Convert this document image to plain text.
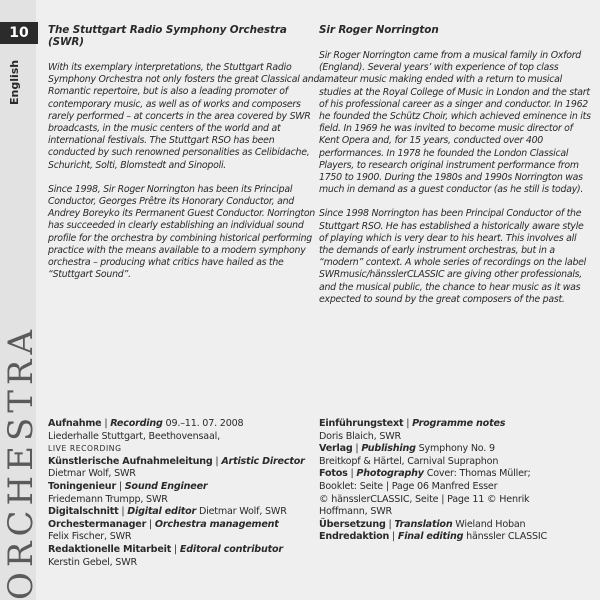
10
English
ORCHESTRA
The Stuttgart Radio Symphony Orchestra (SWR)

With its exemplary interpretations, the Stuttgart Radio Symphony Orchestra not only fosters the great Classical and Romantic repertoire, but is also a leading promoter of contemporary music, as well as of works and composers rarely performed – at concerts in the area covered by SWR broadcasts, in the music centers of the world and at international festivals. The Stuttgart RSO has been conducted by such renowned personalities as Celibidache, Schuricht, Solti, Blomstedt and Sinopoli.

Since 1998, Sir Roger Norrington has been its Principal Conductor, Georges Prêtre its Honorary Conductor, and Andrey Boreyko its Permanent Guest Conductor. Norrington has succeeded in clearly establishing an individual sound profile for the orchestra by combining historical performing practice with the means available to a modern symphony orchestra – producing what critics have hailed as the “Stuttgart Sound”.

Sir Roger Norrington

Sir Roger Norrington came from a musical family in Oxford (England). Several years’ with experience of top class amateur music making ended with a return to musical studies at the Royal College of Music in London and the start of his professional career as a singer and conductor. In 1962 he founded the Schütz Choir, which achieved eminence in its field. In 1969 he was invited to become music director of Kent Opera and, for 15 years, conducted over 400 performances. In 1978 he founded the London Classical Players, to research original instrument performance from 1750 to 1900. During the 1980s and 1990s Norrington was much in demand as a guest conductor (as he still is today).

Since 1998 Norrington has been Principal Conductor of the Stuttgart RSO. He has established a historically aware style of playing which is very dear to his heart. This involves all the demands of early instrument orchestras, but in a “modern” context. A whole series of recordings on the label SWRmusic/hänsslerCLASSIC are giving other professionals, and the musical public, the chance to hear music as it was expected to sound by the great composers of the past.

Aufnahme | Recording 09.–11. 07. 2008
Liederhalle Stuttgart, Beethovensaal,
LIVE RECORDING
Künstlerische Aufnahmeleitung | Artistic Director
Dietmar Wolf, SWR
Toningenieur | Sound Engineer
Friedemann Trumpp, SWR
Digitalschnitt | Digital editor Dietmar Wolf, SWR
Orchestermanager | Orchestra management
Felix Fischer, SWR
Redaktionelle Mitarbeit | Editoral contributor
Kerstin Gebel, SWR
Einführungstext | Programme notes
Doris Blaich, SWR
Verlag | Publishing Symphony No. 9
Breitkopf & Härtel, Carnival Supraphon
Fotos | Photography Cover: Thomas Müller;
Booklet: Seite | Page 06 Manfred Esser
© hänsslerCLASSIC, Seite | Page 11 © Henrik
Hoffmann, SWR
Übersetzung | Translation Wieland Hoban
Endredaktion | Final editing hänssler CLASSIC
